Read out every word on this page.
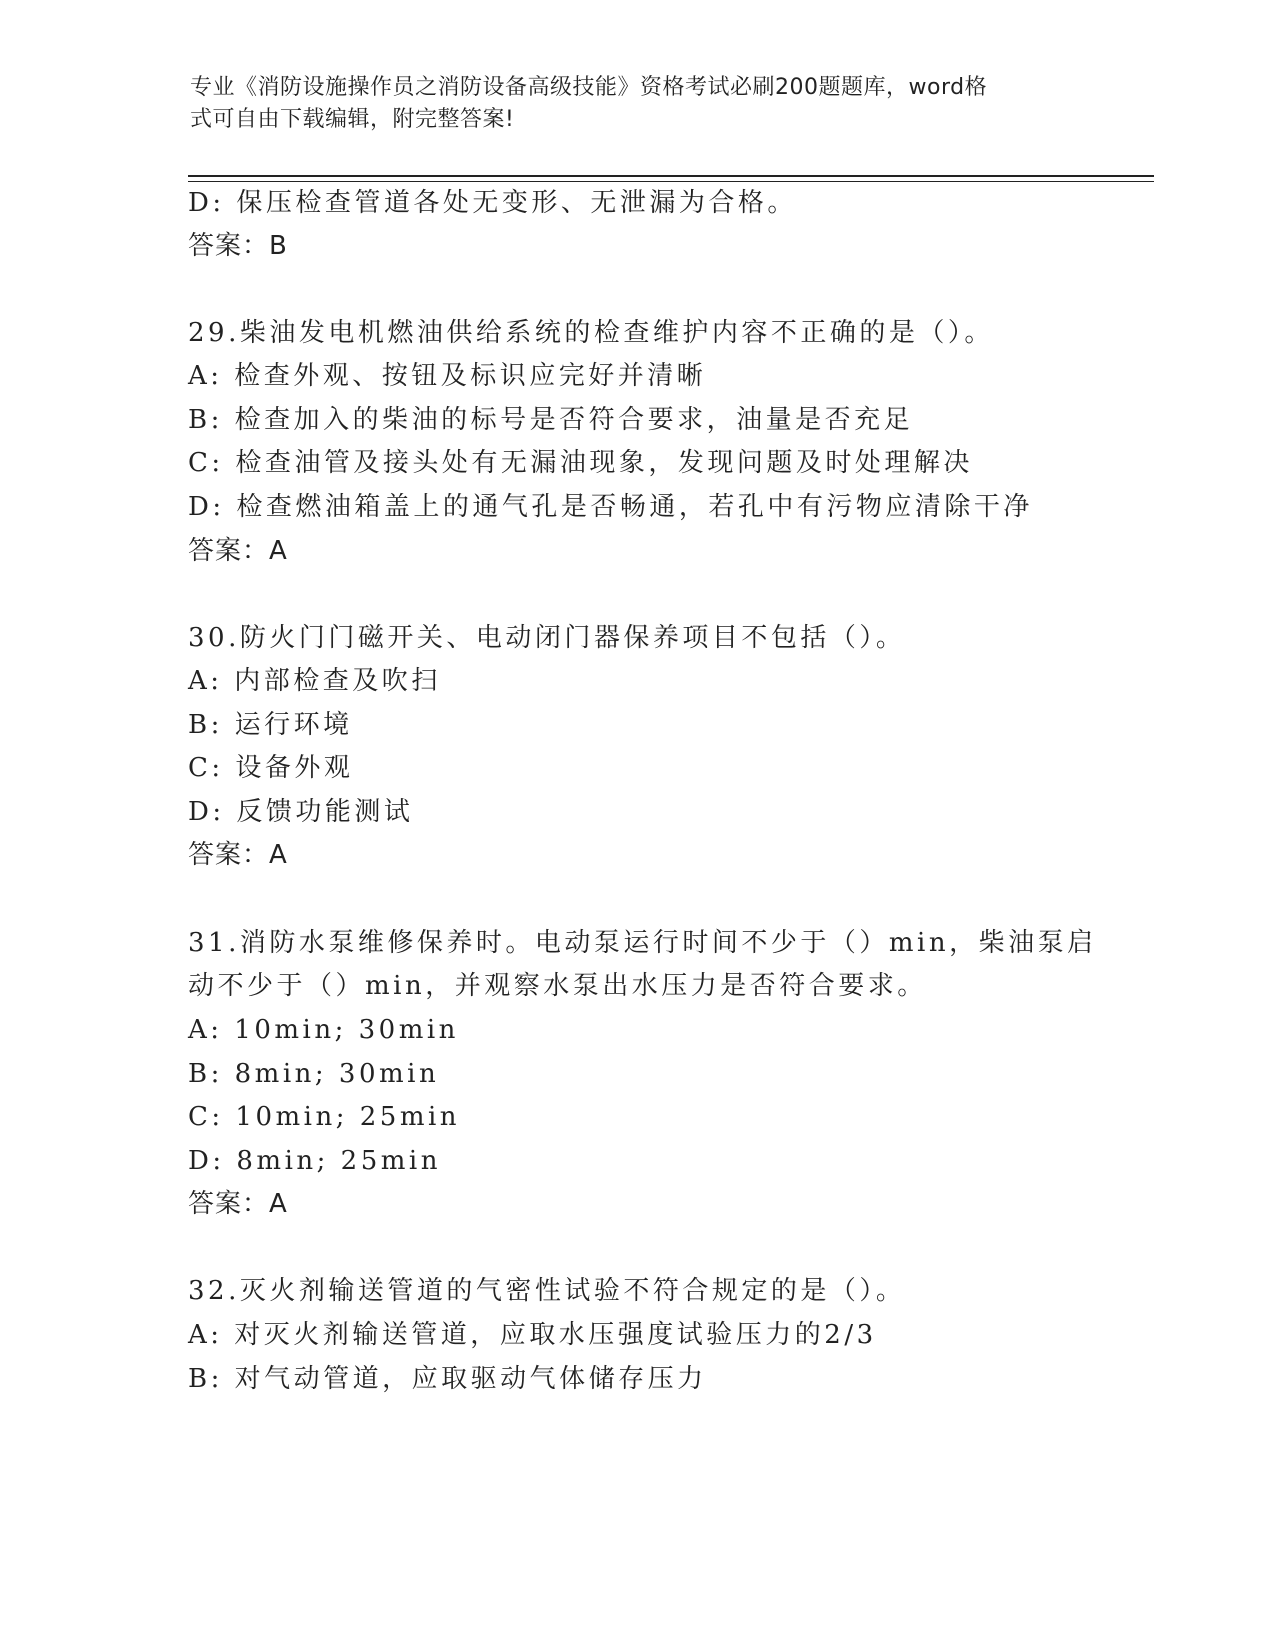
专业《消防设施操作员之消防设备高级技能》资格考试必刷200题题库，word格
式可自由下载编辑，附完整答案!
D: 保压检查管道各处无变形、无泄漏为合格。
答案：B
29.柴油发电机燃油供给系统的检查维护内容不正确的是（）。
A: 检查外观、按钮及标识应完好并清晰
B: 检查加入的柴油的标号是否符合要求，油量是否充足
C: 检查油管及接头处有无漏油现象，发现问题及时处理解决
D: 检查燃油箱盖上的通气孔是否畅通，若孔中有污物应清除干净
答案：A
30.防火门门磁开关、电动闭门器保养项目不包括（）。
A: 内部检查及吹扫
B: 运行环境
C: 设备外观
D: 反馈功能测试
答案：A
31.消防水泵维修保养时。电动泵运行时间不少于（）min，柴油泵启
动不少于（）min，并观察水泵出水压力是否符合要求。
A: 10min; 30min
B: 8min; 30min
C: 10min; 25min
D: 8min; 25min
答案：A
32.灭火剂输送管道的气密性试验不符合规定的是（）。
A: 对灭火剂输送管道，应取水压强度试验压力的2/3
B: 对气动管道，应取驱动气体储存压力
